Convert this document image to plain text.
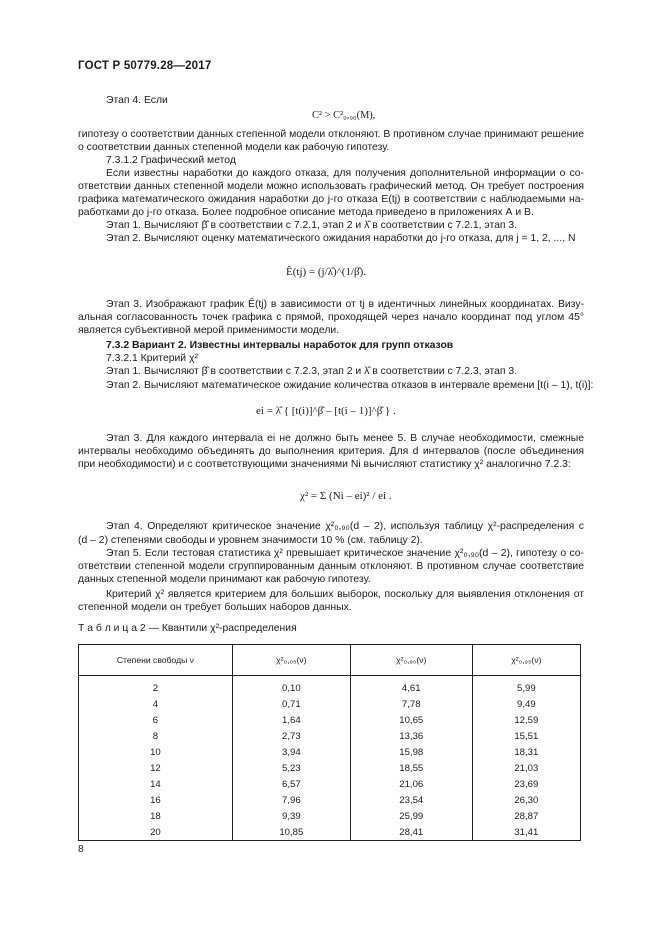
ГОСТ Р 50779.28—2017
Этап 4. Если
C² > C²₀,₉₀(M),
гипотезу о соответствии данных степенной модели отклоняют. В противном случае принимают решение
о соответствии данных степенной модели как рабочую гипотезу.
7.3.1.2 Графический метод
Если известны наработки до каждого отказа, для получения дополнительной информации о со-
ответствии данных степенной модели можно использовать графический метод. Он требует построения
графика математического ожидания наработки до j-го отказа E(tj) в соответствии с наблюдаемыми на-
работками до j-го отказа. Более подробное описание метода приведено в приложениях А и В.
Этап 1. Вычисляют β̂ в соответствии с 7.2.1, этап 2 и λ̂ в соответствии с 7.2.1, этап 3.
Этап 2. Вычисляют оценку математического ожидания наработки до j-го отказа, для j = 1, 2, ..., N
Ê(tj) = (j/λ̂)^(1/β̂).
Этап 3. Изображают график Ê(tj) в зависимости от tj в идентичных линейных координатах. Визу-
альная согласованность точек графика с прямой, проходящей через начало координат под углом 45°
является субъективной мерой применимости модели.
7.3.2 Вариант 2. Известны интервалы наработок для групп отказов
7.3.2.1 Критерий χ²
Этап 1. Вычисляют β̂ в соответствии с 7.2.3, этап 2 и λ̂ в соответствии с 7.2.3, этап 3.
Этап 2. Вычисляют математическое ожидание количества отказов в интервале времени [t(i – 1), t(i)]:
ei = λ̂ { [t(i)]^β̂ – [t(i – 1)]^β̂ } .
Этап 3. Для каждого интервала ei не должно быть менее 5. В случае необходимости, смежные
интервалы необходимо объединять до выполнения критерия. Для d интервалов (после объединения
при необходимости) и с соответствующими значениями Ni вычисляют статистику χ² аналогично 7.2.3:
χ² = Σ (Ni – ei)² / ei .
Этап 4. Определяют критическое значение χ²₀,₉₀(d – 2), используя таблицу χ²-распределения с
(d – 2) степенями свободы и уровнем значимости 10 % (см. таблицу 2).
Этап 5. Если тестовая статистика χ² превышает критическое значение χ²₀,₉₀(d – 2), гипотезу о со-
ответствии степенной модели сгруппированным данным отклоняют. В противном случае соответствие
данных степенной модели принимают как рабочую гипотезу.
Критерий χ² является критерием для больших выборок, поскольку для выявления отклонения от
степенной модели он требует больших наборов данных.
Т а б л и ц а 2 — Квантили χ²-распределения
Степени свободы ν	χ²₀,₀₅(ν)	χ²₀,₉₀(ν)	χ²₀,₉₅(ν)
2	0,10	4,61	5,99
4	0,71	7,78	9,49
6	1,64	10,65	12,59
8	2,73	13,36	15,51
10	3,94	15,98	18,31
12	5,23	18,55	21,03
14	6,57	21,06	23,69
16	7,96	23,54	26,30
18	9,39	25,99	28,87
20	10,85	28,41	31,41
8
